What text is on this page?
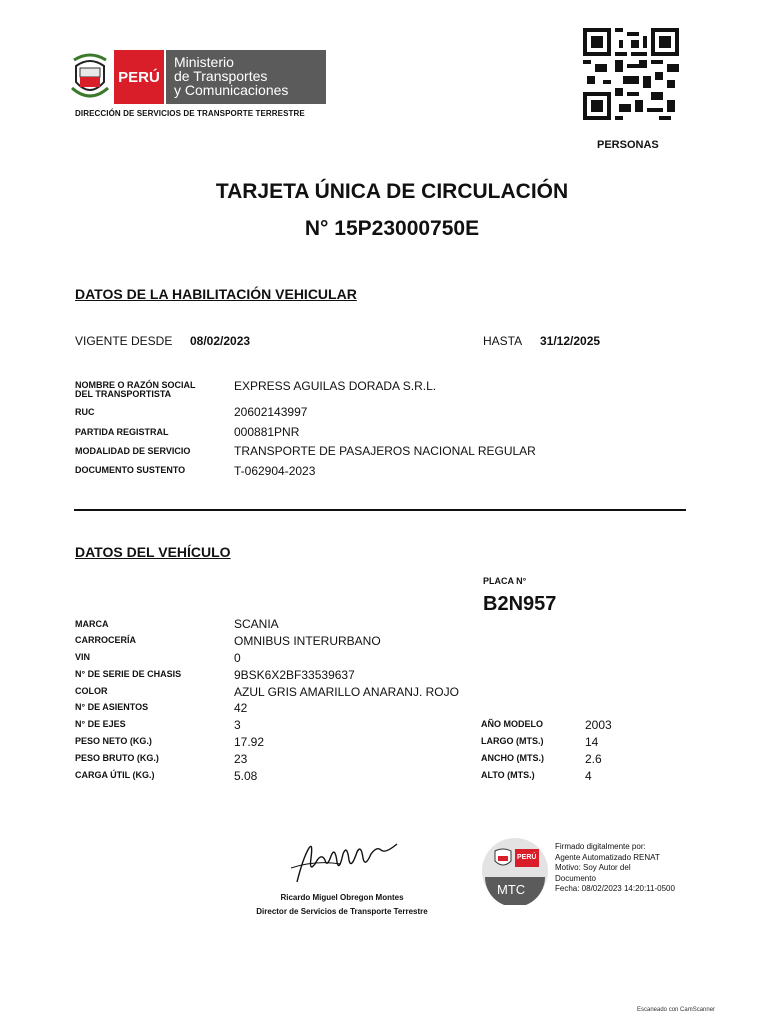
PERÚ
Ministerio
de Transportes
y Comunicaciones
DIRECCIÓN DE SERVICIOS DE TRANSPORTE TERRESTRE
PERSONAS
TARJETA ÚNICA DE CIRCULACIÓN
N° 15P23000750E
DATOS DE LA HABILITACIÓN VEHICULAR
VIGENTE DESDE 08/02/2023	HASTA 31/12/2025
NOMBRE O RAZÓN SOCIAL
DEL TRANSPORTISTA
EXPRESS AGUILAS DORADA S.R.L.
RUC	20602143997
PARTIDA REGISTRAL	000881PNR
MODALIDAD DE SERVICIO	TRANSPORTE DE PASAJEROS NACIONAL REGULAR
DOCUMENTO SUSTENTO	T-062904-2023
DATOS DEL VEHÍCULO
PLACA N°
B2N957
MARCA	SCANIA
CARROCERÍA	OMNIBUS INTERURBANO
VIN	0
N° DE SERIE DE CHASIS	9BSK6X2BF33539637
COLOR	AZUL GRIS AMARILLO ANARANJ. ROJO
N° DE ASIENTOS	42
N° DE EJES	3
PESO NETO (KG.)	17.92
PESO BRUTO (KG.)	23
CARGA ÚTIL (KG.)	5.08
AÑO MODELO	2003
LARGO (MTS.)	14
ANCHO (MTS.)	2.6
ALTO (MTS.)	4
Ricardo Miguel Obregon Montes
Director de Servicios de Transporte Terrestre
PERÚ
MTC
Firmado digitalmente por:
Agente Automatizado RENAT
Motivo: Soy Autor del
Documento
Fecha: 08/02/2023 14:20:11-0500
Escaneado con CamScanner
